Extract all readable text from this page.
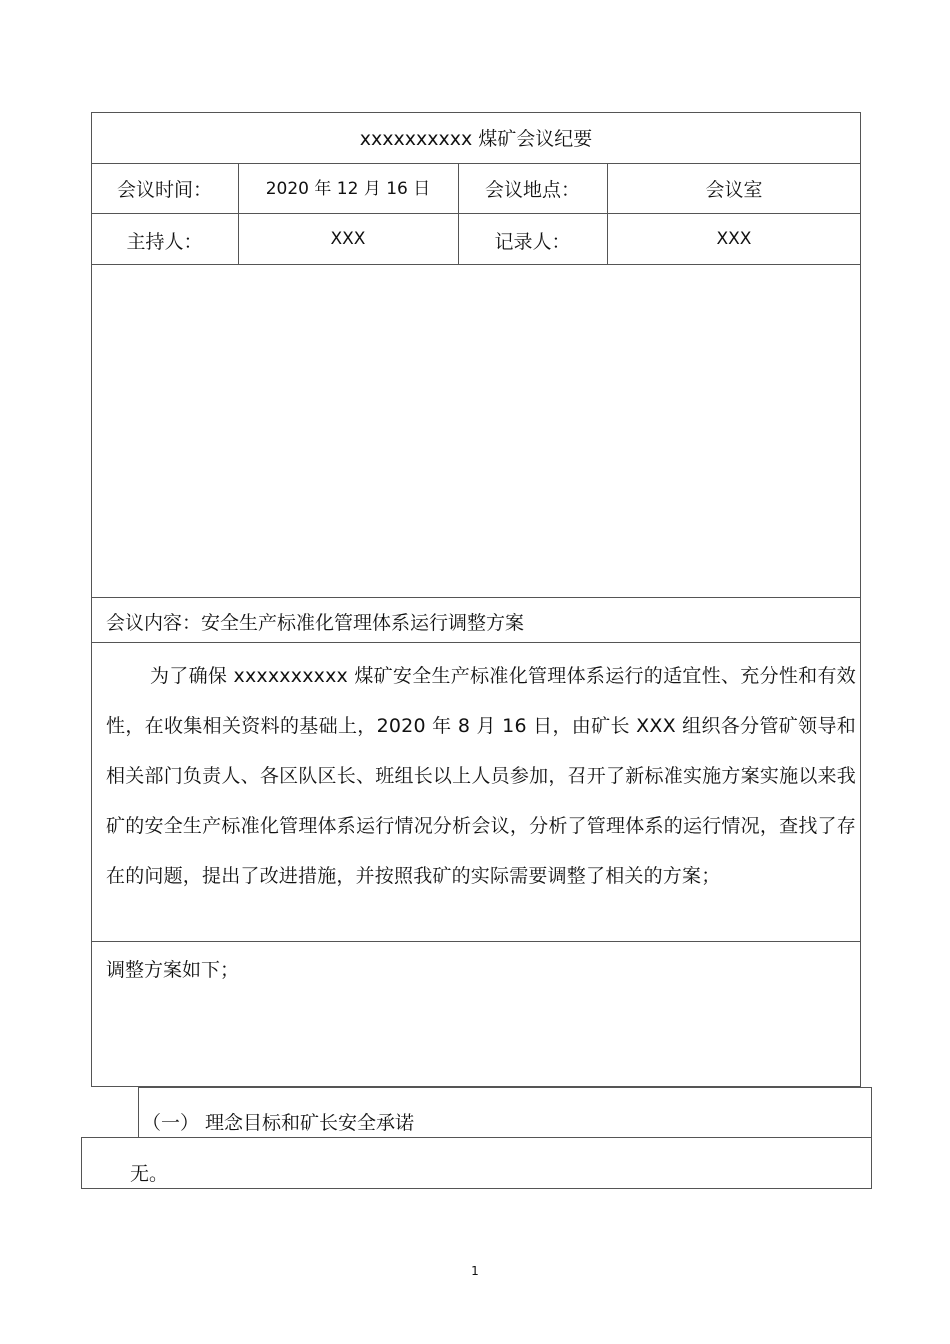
xxxxxxxxxx 煤矿会议纪要
会议时间：	2020 年 12 月 16 日	会议地点：	会议室
主持人：	XXX	记录人：	XXX
会议内容：安全生产标准化管理体系运行调整方案
为了确保 xxxxxxxxxx 煤矿安全生产标准化管理体系运行的适宜性、充分性和有效性，在收集相关资料的基础上，2020 年 8 月 16 日，由矿长 XXX 组织各分管矿领导和相关部门负责人、各区队区长、班组长以上人员参加，召开了新标准实施方案实施以来我矿的安全生产标准化管理体系运行情况分析会议，分析了管理体系的运行情况，查找了存在的问题，提出了改进措施，并按照我矿的实际需要调整了相关的方案；
调整方案如下；
（一） 理念目标和矿长安全承诺
无。
1
